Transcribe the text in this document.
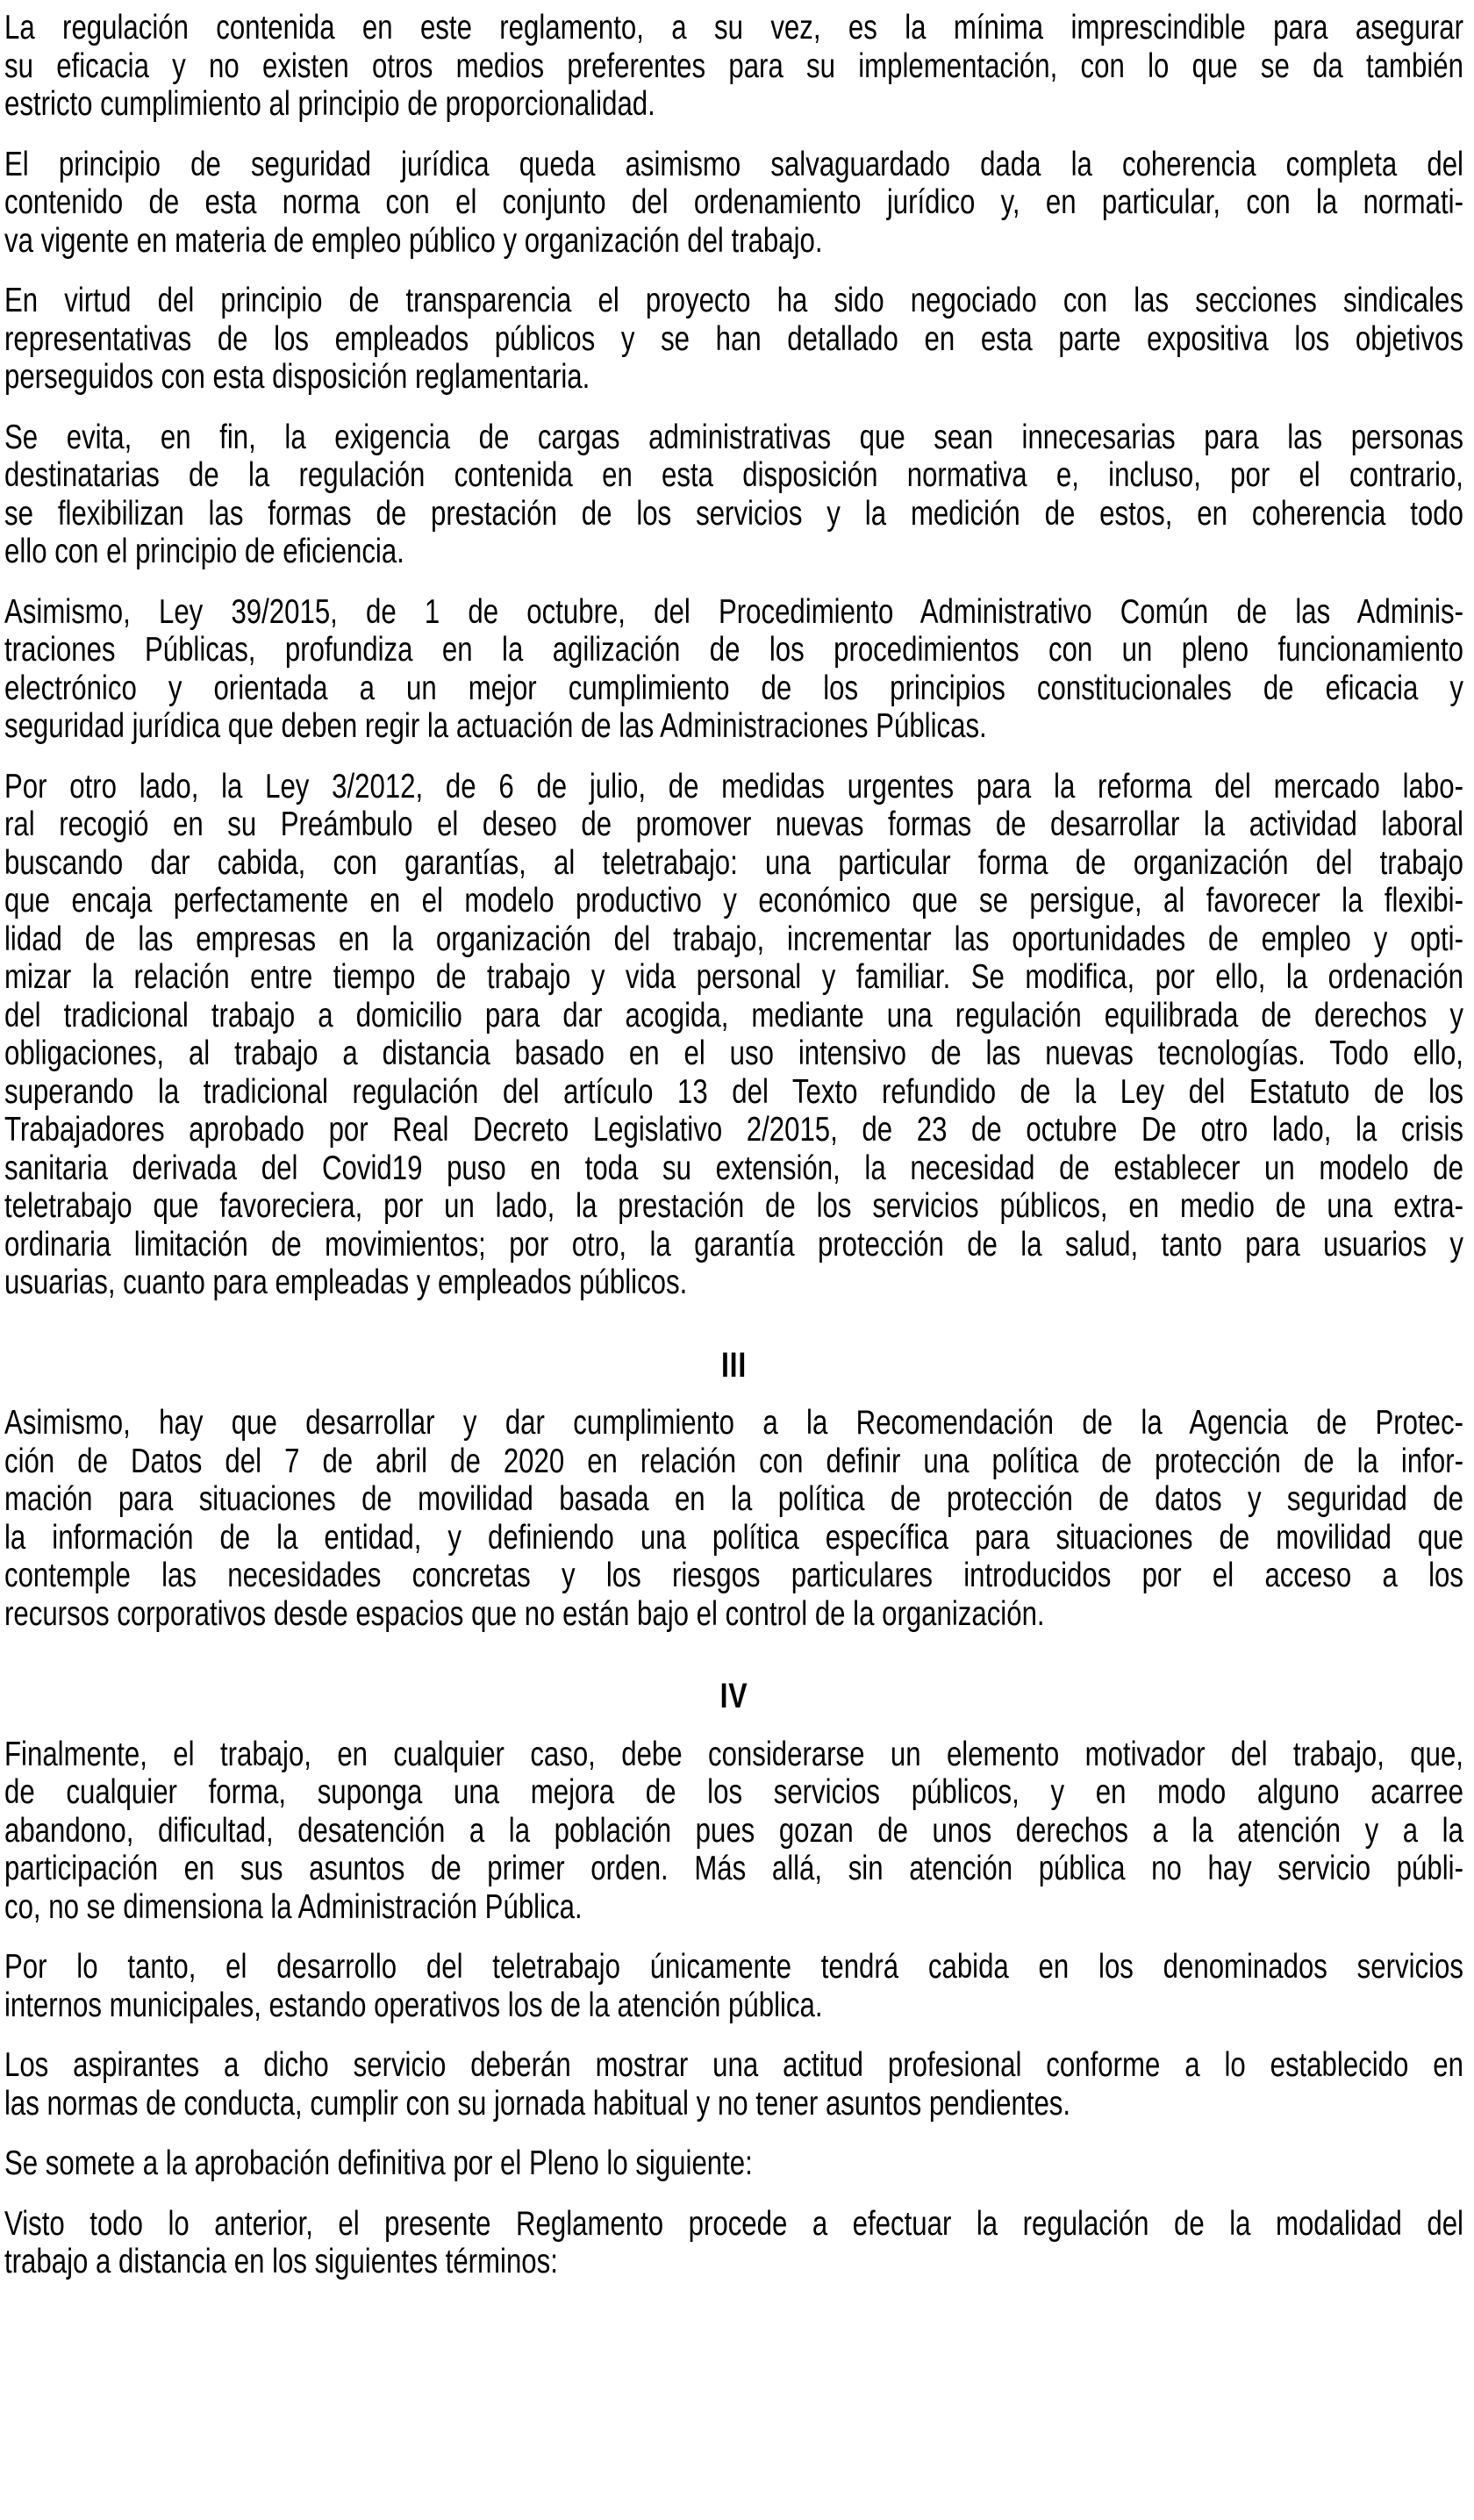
La regulación contenida en este reglamento, a su vez, es la mínima imprescindible para asegurar
su eficacia y no existen otros medios preferentes para su implementación, con lo que se da también
estricto cumplimiento al principio de proporcionalidad.
El principio de seguridad jurídica queda asimismo salvaguardado dada la coherencia completa del
contenido de esta norma con el conjunto del ordenamiento jurídico y, en particular, con la normati-
va vigente en materia de empleo público y organización del trabajo.
En virtud del principio de transparencia el proyecto ha sido negociado con las secciones sindicales
representativas de los empleados públicos y se han detallado en esta parte expositiva los objetivos
perseguidos con esta disposición reglamentaria.
Se evita, en fin, la exigencia de cargas administrativas que sean innecesarias para las personas
destinatarias de la regulación contenida en esta disposición normativa e, incluso, por el contrario,
se flexibilizan las formas de prestación de los servicios y la medición de estos, en coherencia todo
ello con el principio de eficiencia.
Asimismo, Ley 39/2015, de 1 de octubre, del Procedimiento Administrativo Común de las Adminis-
traciones Públicas, profundiza en la agilización de los procedimientos con un pleno funcionamiento
electrónico y orientada a un mejor cumplimiento de los principios constitucionales de eficacia y
seguridad jurídica que deben regir la actuación de las Administraciones Públicas.
Por otro lado, la Ley 3/2012, de 6 de julio, de medidas urgentes para la reforma del mercado labo-
ral recogió en su Preámbulo el deseo de promover nuevas formas de desarrollar la actividad laboral
buscando dar cabida, con garantías, al teletrabajo: una particular forma de organización del trabajo
que encaja perfectamente en el modelo productivo y económico que se persigue, al favorecer la flexibi-
lidad de las empresas en la organización del trabajo, incrementar las oportunidades de empleo y opti-
mizar la relación entre tiempo de trabajo y vida personal y familiar. Se modifica, por ello, la ordenación
del tradicional trabajo a domicilio para dar acogida, mediante una regulación equilibrada de derechos y
obligaciones, al trabajo a distancia basado en el uso intensivo de las nuevas tecnologías. Todo ello,
superando la tradicional regulación del artículo 13 del Texto refundido de la Ley del Estatuto de los
Trabajadores aprobado por Real Decreto Legislativo 2/2015, de 23 de octubre De otro lado, la crisis
sanitaria derivada del Covid19 puso en toda su extensión, la necesidad de establecer un modelo de
teletrabajo que favoreciera, por un lado, la prestación de los servicios públicos, en medio de una extra-
ordinaria limitación de movimientos; por otro, la garantía protección de la salud, tanto para usuarios y
usuarias, cuanto para empleadas y empleados públicos.
III
Asimismo, hay que desarrollar y dar cumplimiento a la Recomendación de la Agencia de Protec-
ción de Datos del 7 de abril de 2020 en relación con definir una política de protección de la infor-
mación para situaciones de movilidad basada en la política de protección de datos y seguridad de
la información de la entidad, y definiendo una política específica para situaciones de movilidad que
contemple las necesidades concretas y los riesgos particulares introducidos por el acceso a los
recursos corporativos desde espacios que no están bajo el control de la organización.
IV
Finalmente, el trabajo, en cualquier caso, debe considerarse un elemento motivador del trabajo, que,
de cualquier forma, suponga una mejora de los servicios públicos, y en modo alguno acarree
abandono, dificultad, desatención a la población pues gozan de unos derechos a la atención y a la
participación en sus asuntos de primer orden. Más allá, sin atención pública no hay servicio públi-
co, no se dimensiona la Administración Pública.
Por lo tanto, el desarrollo del teletrabajo únicamente tendrá cabida en los denominados servicios
internos municipales, estando operativos los de la atención pública.
Los aspirantes a dicho servicio deberán mostrar una actitud profesional conforme a lo establecido en
las normas de conducta, cumplir con su jornada habitual y no tener asuntos pendientes.
Se somete a la aprobación definitiva por el Pleno lo siguiente:
Visto todo lo anterior, el presente Reglamento procede a efectuar la regulación de la modalidad del
trabajo a distancia en los siguientes términos:
